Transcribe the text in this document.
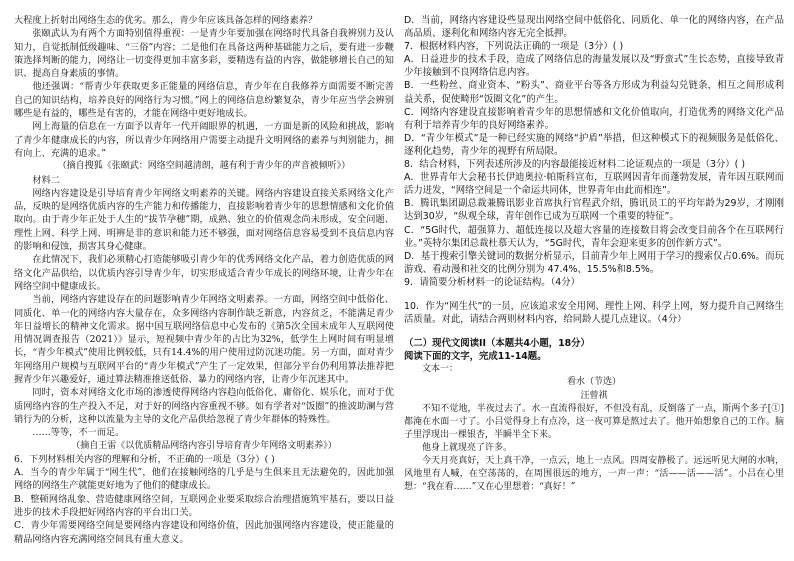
大程度上折射出网络生态的优劣。那么，青少年应该具备怎样的网络素养？

张颐武认为有两个方面特别值得重视：一是青少年要加强在网络时代具备自我辨别力及认知力，自觉抵制低级趣味、“三俗”内容；二是他们在具备这两种基础能力之后，要有进一步鞭策选择判断的能力，网络让一切变得更加丰富多彩，要精选有益的内容，做能够增长自己的知识、提高自身素质的事情。

他还强调：“帮青少年获取更多正能量的网络信息，青少年在自我修养方面需要不断完善自己的知识结构，培养良好的网络行为习惯。”网上的网络信息纷繁复杂，青少年应当学会辨别哪些是有益的，哪些是有害的，才能在网络中更好地成长。

网上海量的信息在一方面予以青年一代开阔眼界的机遇，一方面是新的风险和挑战，影响了青少年健康成长的内容，所以青少年网络用户需要主动提升文明网络的素养与判别能力，拥有向上、充满的追求。”

（摘自搜狐《张颐武：网络空间越清朗，越有利于青少年的声音被倾听》）

材料二

网络内容建设是引导培育青少年网络文明素养的关键。网络内容建设直接关系网络文化产品，反映的是网络优质内容的生产能力和传播能力，直接影响着青少年的思想情感和文化价值取向。由于青少年正处于人生的“拔节孕穗”期，成熟、独立的价值观念尚未形成，安全问题、理性上网、科学上网、明辨是非的意识和能力还不够强，面对网络信息容易受到不良信息内容的影响和侵蚀，损害其身心健康。

在此情况下，我们必须精心打造能够吸引青少年的优秀网络文化产品，着力创造优质的网络文化产品供给，以优质内容引导青少年，切实形成适合青少年成长的网络环境，让青少年在网络空间中健康成长。

当前，网络内容建设存在的问题影响青少年网络文明素养。一方面，网络空间中低俗化、同质化、单一化的网络内容大量存在，众多网络内容制作缺乏新意，内容贫乏，不能满足青少年日益增长的精神文化需求。据中国互联网络信息中心发布的《第5次全国未成年人互联网使用情况调查报告（2021）》显示，短视频中青少年的占比为32%，低学生上网时间有明显增长，“青少年模式”使用比例较低，只有14.4%的用户使用过防沉迷功能。另一方面，面对青少年网络用户规模与互联网平台的“青少年模式”产生了一定效果，但部分平台仍利用算法推荐把握青少年兴趣爱好，通过算法精准推送低俗、暴力的网络内容，让青少年沉迷其中。

同时，资本对网络文化市场的渗透使得网络内容趋向低俗化、庸俗化、娱乐化，而对于优质网络内容的生产投入不足，对于好的网络内容重视不够。如有学者对“饭圈”的推波助澜与营销行为的分析，这种以流量为主导的文化产品供给忽视了青少年群体的特殊性。

……等等，不一而足。

（摘自王雷《以优质精品网络内容引导培育青少年网络文明素养》）

6．下列材料相关内容的理解和分析，不正确的一项是（3分）( )

A．当今的青少年属于“网生代”，他们在接触网络的几乎是与生俱来且无法避免的，因此加强网络的网络生产就能更好地为了他们的健康成长。

B．整顿网络乱象、营造健康网络空间，互联网企业要采取综合治理措施筑牢基石，要以日益进步的技术手段把好网络内容的平台出口关。

C．青少年需要网络空间是要网络内容建设和网络价值，因此加强网络内容建设，使正能量的精品网络内容充满网络空间具有重大意义。

D．当前，网络内容建设些显现出网络空间中低俗化、同质化、单一化的网络内容，在产品高品质、逐利化和网络内容无完全抵押。

7．根据材料内容，下列说法正确的一项是（3分）( )

A．日益进步的技术手段，造成了网络信息的海量发展以及“野蛮式”生长态势，直接导致青少年接触到不良网络信息内容。

B．一些粉丝、商业资本、“粉头”、商业平台等各方形成为利益勾兑链条，相互之间形成利益关系，促使畸形“饭圈文化”的产生。

C．网络内容建设直接影响着青少年的思想情感和文化价值取向，打造优秀的网络文化产品有利于培养青少年的良好网络素养。

D．“青少年模式”是一种已经实施的网络“护盾”举措，但这种模式下的视频服务是低俗化、逐利化趋势，青少年的视野有所局限。

8．结合材料，下列表述所涉及的内容最能接近材料二论证观点的一项是（3分）( )

A．世界青年大会秘书长伊迪奥拉·帕斯科宣布，互联网因青年而蓬勃发展，青年因互联网而活力迸发，“网络空间是一个命运共同体，世界青年由此而相连”。

B．腾讯集团副总裁兼腾讯影业首席执行官程武介绍，腾讯员工的平均年龄为29岁，才刚刚达到30岁，“纵观全球，青年创作已成为互联网一个重要的特征”。

C．“5G时代，超强算力、超低连接以及超大容量的连接数目将会改变目前各个在互联网行业。”英特尔集团总裁杜慕天认为，“5G时代，青年会迎来更多的创作新方式”。

D．基于搜索引擎关键词的数据分析显示，目前青少年上网用于学习的搜索仅占0.6%。而玩游戏、看动漫和社交的比例分别为 47.4%、15.5%和8.5%。

9．请简要分析材料一的论证结构。（4分）

10．作为“网生代”的一员，应该追求安全用网、理性上网、科学上网，努力提升自己网络生活质量。对此，请结合两则材料内容，给同龄人提几点建议。（4分）

（二）现代文阅读II（本题共4小题，18分）

阅读下面的文字，完成11-14题。

文本一：

看水（节选）

汪曾祺

不知不觉地，半夜过去了。水一直流得很好，不但没有乱，反倒落了一点，斯两个多子[①]都淹在水面一寸了。小吕觉得身上有点冷，这一夜可算是熬过去了。他开始想象自己的工作。脑子里浮现出一棵银杏，半瞬半全下来。

他身上就现亮了许多。

今天月亮真好，天上真干净，一点云，地上一点风。四周安静极了。远远听见大闸的水响，风地里有人喊，在空荡荡的，在周围很远的地方，一声一声：“活——活——活”。小吕在心里想：“我在看……”又在心里想着：“真好！”
